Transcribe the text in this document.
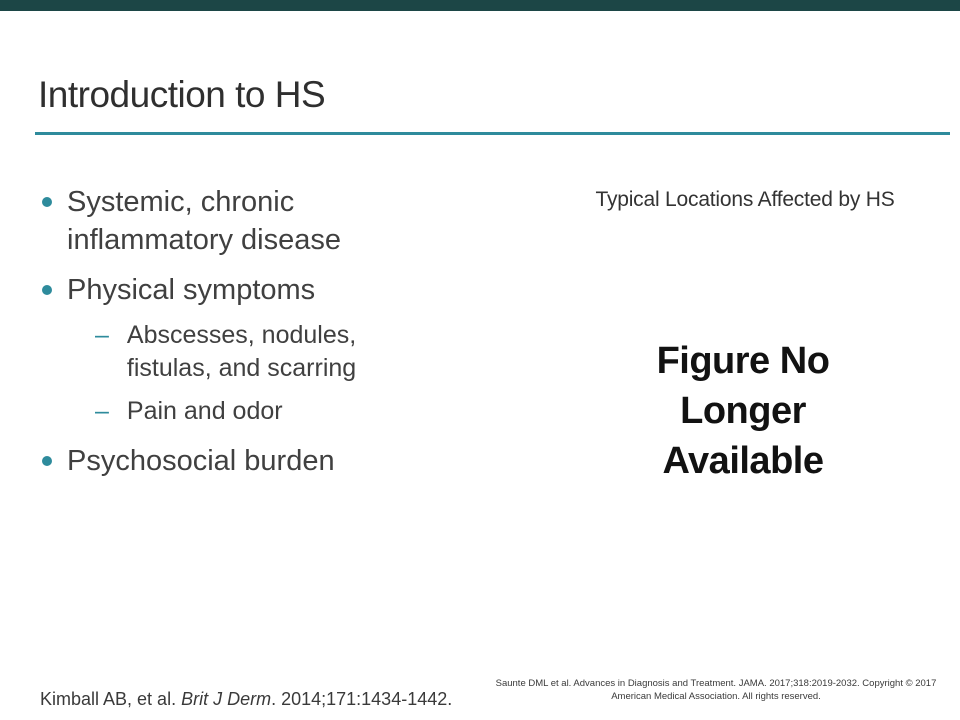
Introduction to HS
Systemic, chronic inflammatory disease
Physical symptoms
– Abscesses, nodules, fistulas, and scarring
– Pain and odor
Psychosocial burden
Typical Locations Affected by HS
Figure No
Longer
Available
Kimball AB, et al. Brit J Derm. 2014;171:1434-1442.
Saunte DML et al. Advances in Diagnosis and Treatment. JAMA. 2017;318:2019-2032. Copyright © 2017
American Medical Association. All rights reserved.
